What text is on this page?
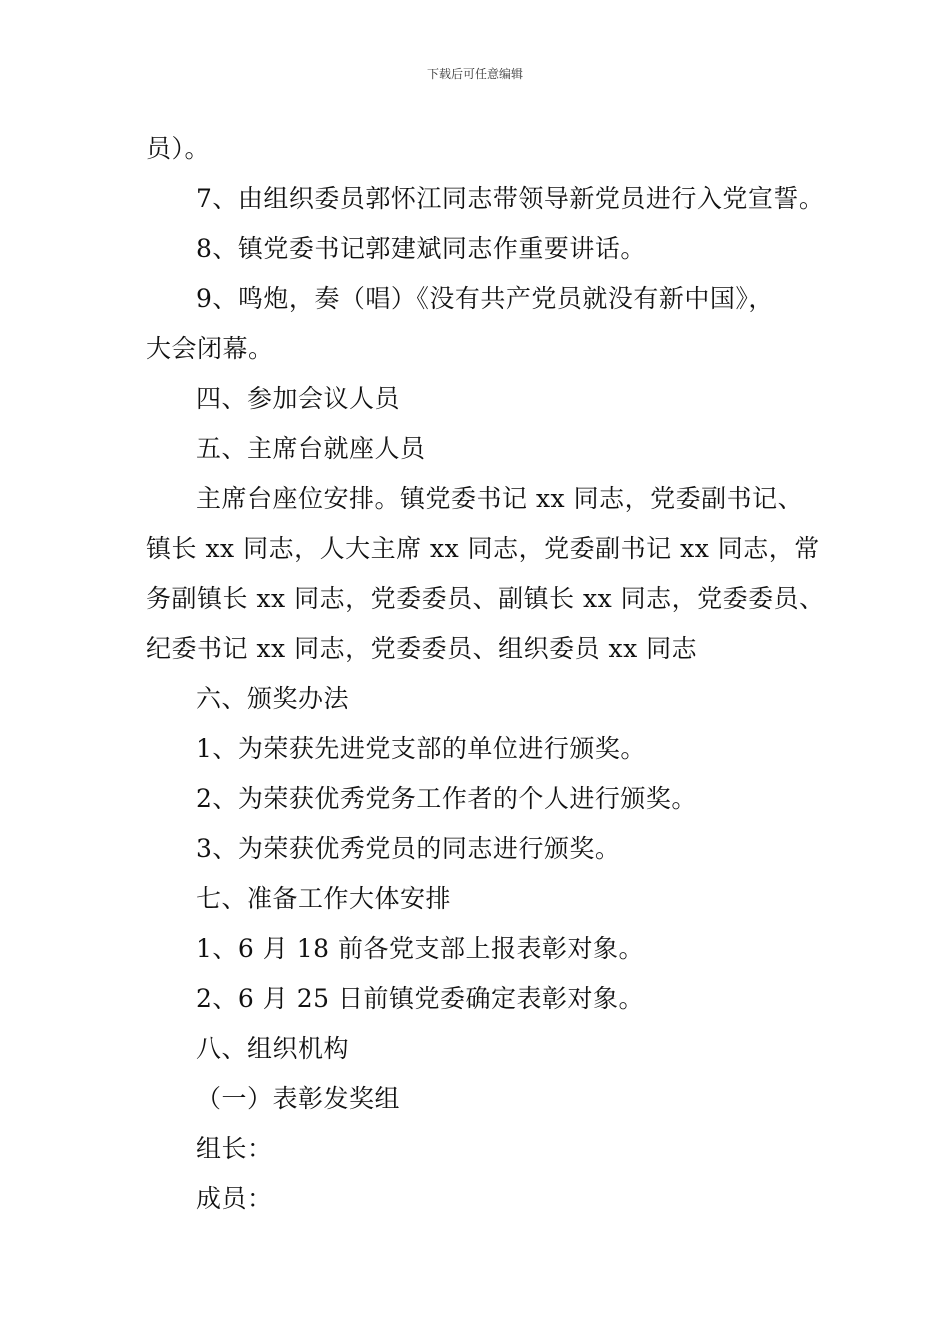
下载后可任意编辑
员）。
7、由组织委员郭怀江同志带领导新党员进行入党宣誓。
8、镇党委书记郭建斌同志作重要讲话。
9、鸣炮，奏（唱）《没有共产党员就没有新中国》，
大会闭幕。
四、参加会议人员
五、主席台就座人员
主席台座位安排。镇党委书记 xx 同志，党委副书记、
镇长 xx 同志，人大主席 xx 同志，党委副书记 xx 同志，常
务副镇长 xx 同志，党委委员、副镇长 xx 同志，党委委员、
纪委书记 xx 同志，党委委员、组织委员 xx 同志
六、颁奖办法
1、为荣获先进党支部的单位进行颁奖。
2、为荣获优秀党务工作者的个人进行颁奖。
3、为荣获优秀党员的同志进行颁奖。
七、准备工作大体安排
1、6 月 18 前各党支部上报表彰对象。
2、6 月 25 日前镇党委确定表彰对象。
八、组织机构
（一）表彰发奖组
组长：
成员：
